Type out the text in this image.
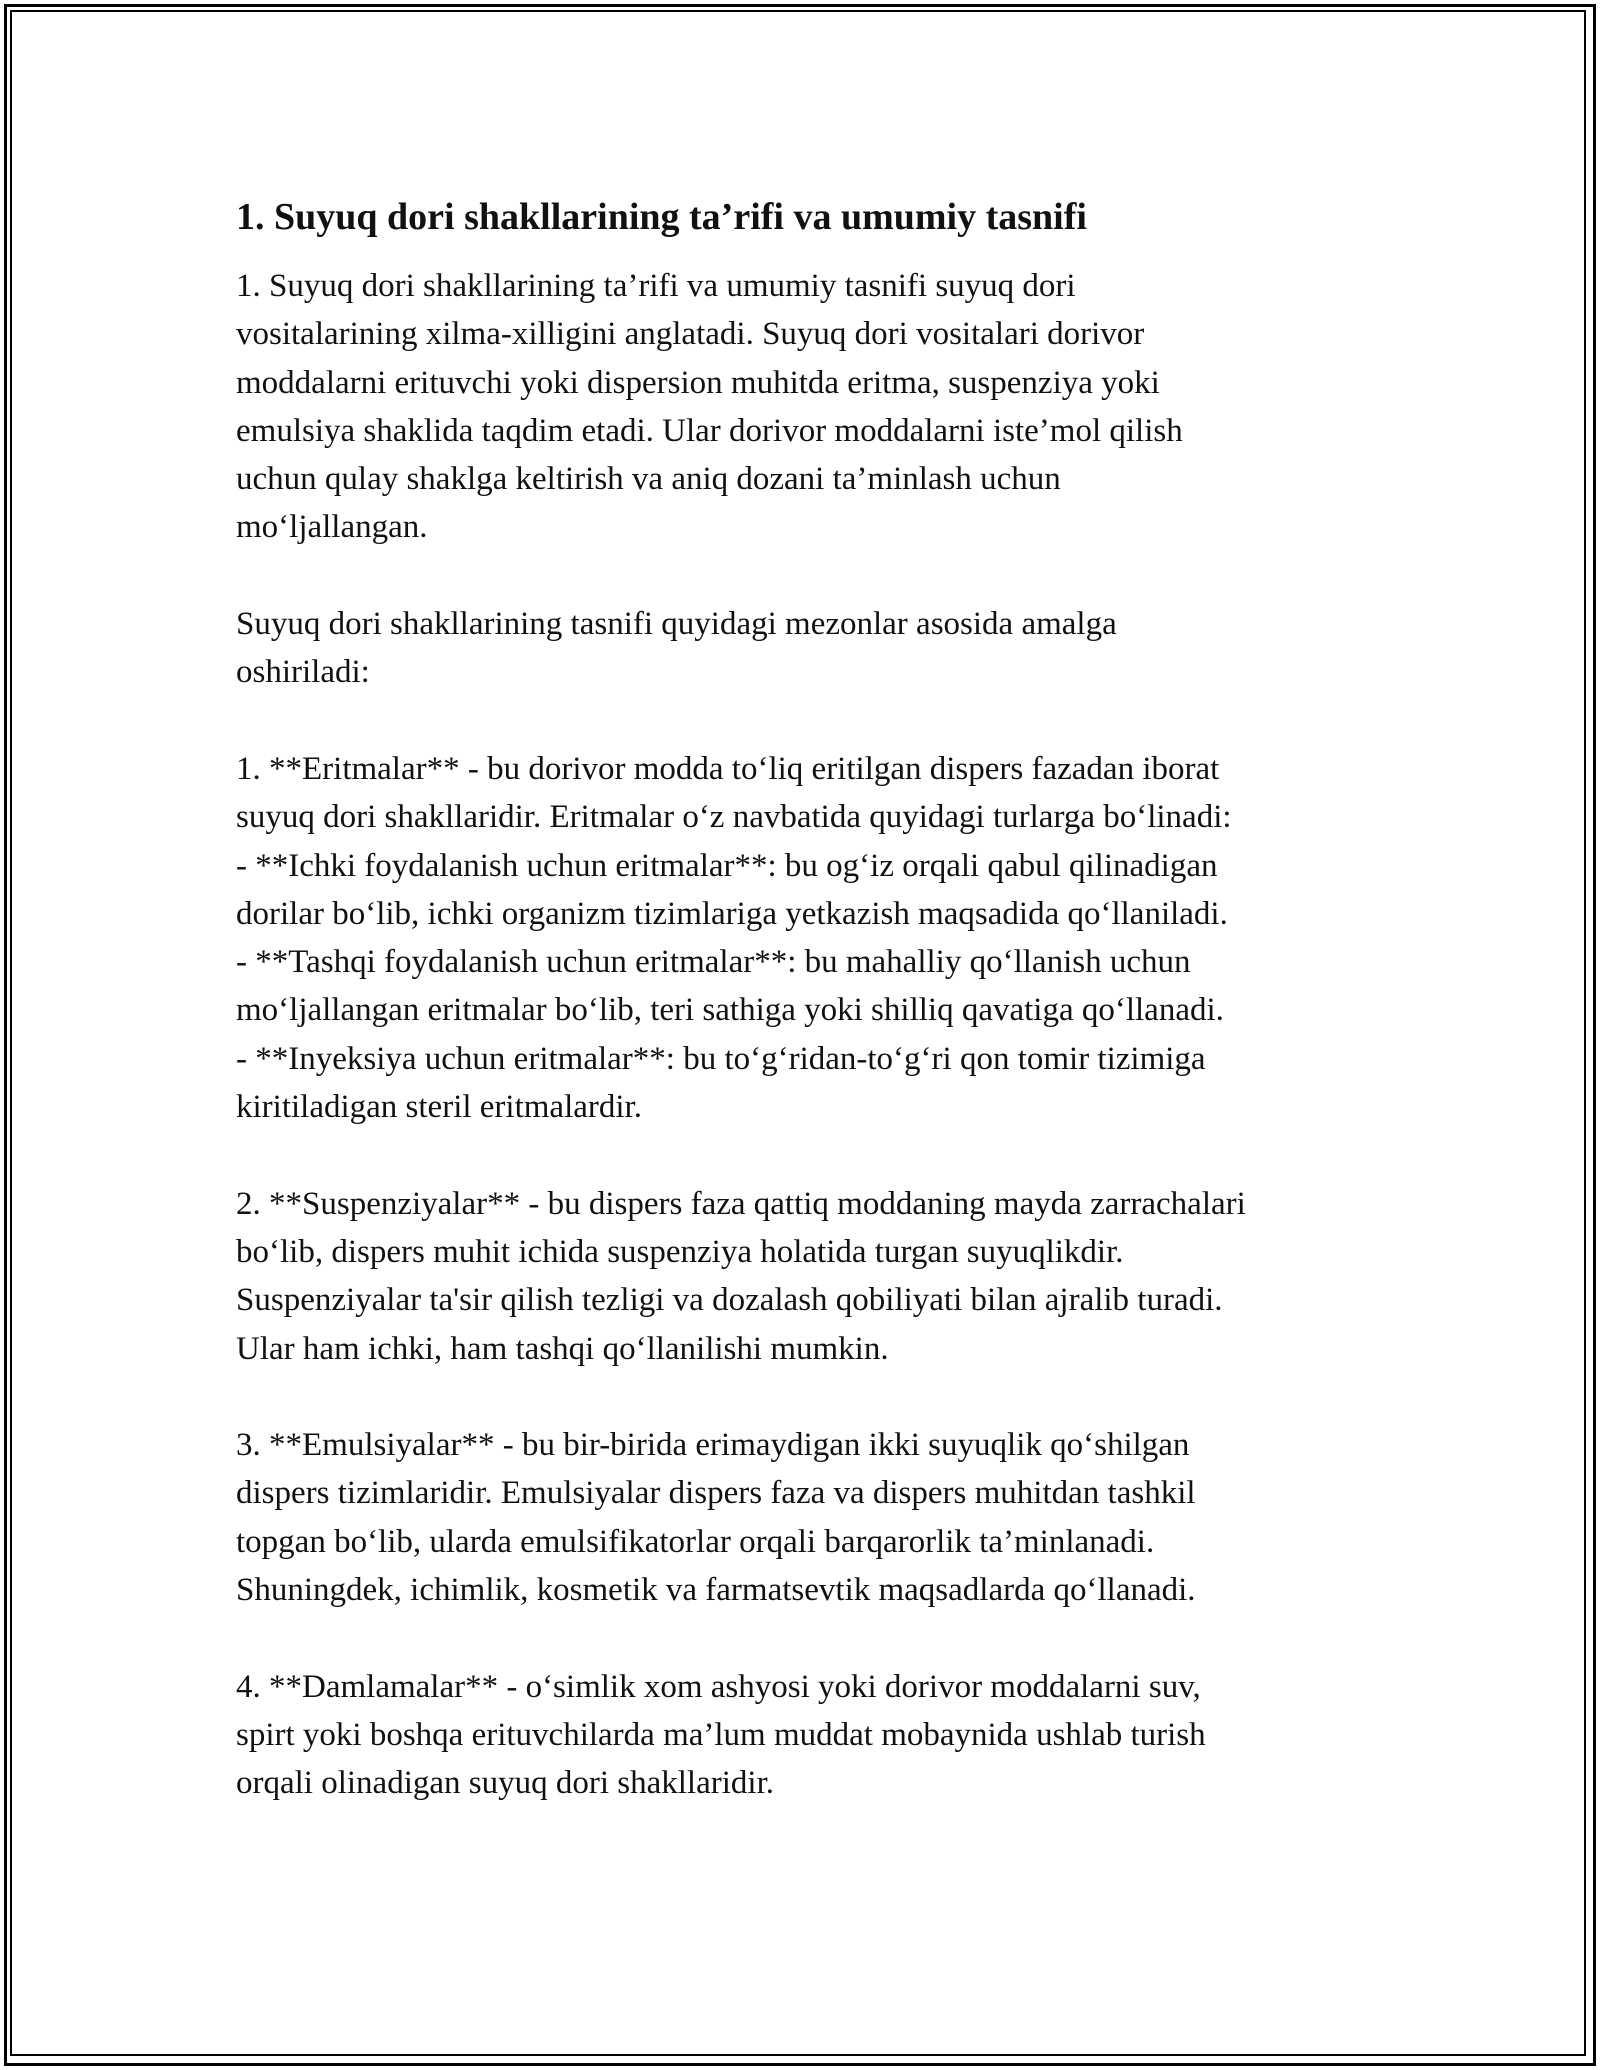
1. Suyuq dori shakllarining ta’rifi va umumiy tasnifi

1. Suyuq dori shakllarining ta’rifi va umumiy tasnifi suyuq dori
vositalarining xilma-xilligini anglatadi. Suyuq dori vositalari dorivor
moddalarni erituvchi yoki dispersion muhitda eritma, suspenziya yoki
emulsiya shaklida taqdim etadi. Ular dorivor moddalarni iste’mol qilish
uchun qulay shaklga keltirish va aniq dozani ta’minlash uchun
mo‘ljallangan.

Suyuq dori shakllarining tasnifi quyidagi mezonlar asosida amalga
oshiriladi:

1. **Eritmalar** - bu dorivor modda to‘liq eritilgan dispers fazadan iborat
suyuq dori shakllaridir. Eritmalar o‘z navbatida quyidagi turlarga bo‘linadi:
- **Ichki foydalanish uchun eritmalar**: bu og‘iz orqali qabul qilinadigan
dorilar bo‘lib, ichki organizm tizimlariga yetkazish maqsadida qo‘llaniladi.
- **Tashqi foydalanish uchun eritmalar**: bu mahalliy qo‘llanish uchun
mo‘ljallangan eritmalar bo‘lib, teri sathiga yoki shilliq qavatiga qo‘llanadi.
- **Inyeksiya uchun eritmalar**: bu to‘g‘ridan-to‘g‘ri qon tomir tizimiga
kiritiladigan steril eritmalardir.

2. **Suspenziyalar** - bu dispers faza qattiq moddaning mayda zarrachalari
bo‘lib, dispers muhit ichida suspenziya holatida turgan suyuqlikdir.
Suspenziyalar ta'sir qilish tezligi va dozalash qobiliyati bilan ajralib turadi.
Ular ham ichki, ham tashqi qo‘llanilishi mumkin.

3. **Emulsiyalar** - bu bir-birida erimaydigan ikki suyuqlik qo‘shilgan
dispers tizimlaridir. Emulsiyalar dispers faza va dispers muhitdan tashkil
topgan bo‘lib, ularda emulsifikatorlar orqali barqarorlik ta’minlanadi.
Shuningdek, ichimlik, kosmetik va farmatsevtik maqsadlarda qo‘llanadi.

4. **Damlamalar** - o‘simlik xom ashyosi yoki dorivor moddalarni suv,
spirt yoki boshqa erituvchilarda ma’lum muddat mobaynida ushlab turish
orqali olinadigan suyuq dori shakllaridir.
